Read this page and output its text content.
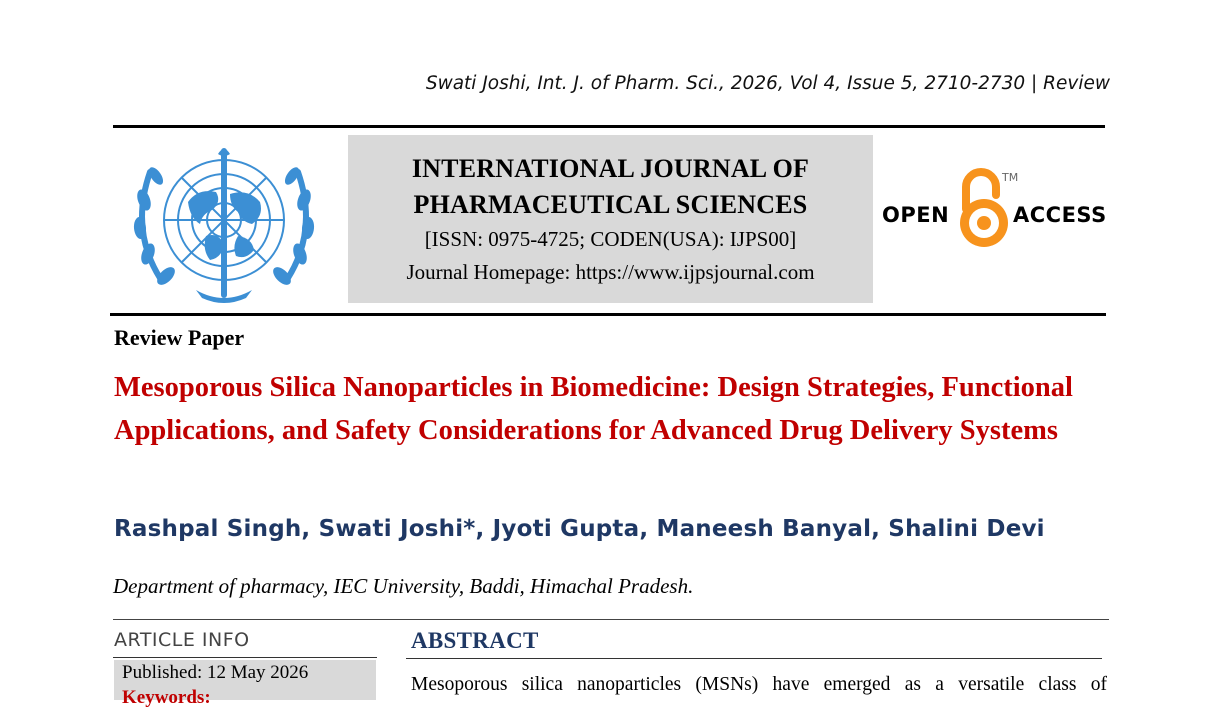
Swati Joshi, Int. J. of Pharm. Sci., 2026, Vol 4, Issue 5, 2710-2730 | Review
INTERNATIONAL JOURNAL OF
PHARMACEUTICAL SCIENCES
[ISSN: 0975-4725; CODEN(USA): IJPS00]
Journal Homepage: https://www.ijpsjournal.com
OPEN
TM
ACCESS
Review Paper
Mesoporous Silica Nanoparticles in Biomedicine: Design Strategies, Functional Applications, and Safety Considerations for Advanced Drug Delivery Systems
Rashpal Singh, Swati Joshi*, Jyoti Gupta, Maneesh Banyal, Shalini Devi
Department of pharmacy, IEC University, Baddi, Himachal Pradesh.
ARTICLE INFO
Published: 12 May 2026
Keywords:
ABSTRACT
Mesoporous silica nanoparticles (MSNs) have emerged as a versatile class of
